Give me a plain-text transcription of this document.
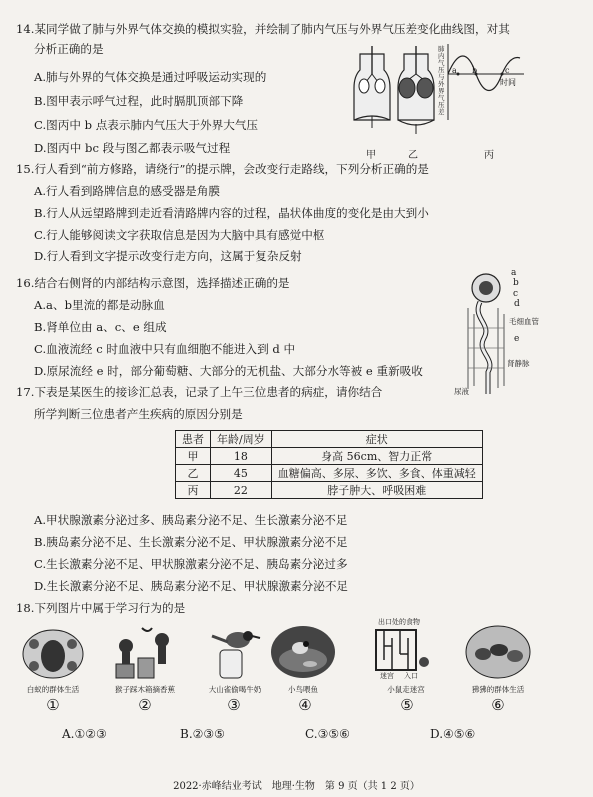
14.某同学做了肺与外界气体交换的模拟实验，并绘制了肺内气压与外界气压差变化曲线图，对其
分析正确的是
A.肺与外界的气体交换是通过呼吸运动实现的
B.图甲表示呼气过程，此时膈肌顶部下降
C.图丙中 b 点表示肺内气压大于外界大气压
D.图丙中 bc 段与图乙都表示吸气过程
甲	乙	丙
肺内气压与外界气压差
时间
a b	c
15.行人看到“前方修路，请绕行”的提示牌，会改变行走路线，下列分析正确的是
A.行人看到路牌信息的感受器是角膜
B.行人从远望路牌到走近看清路牌内容的过程，晶状体曲度的变化是由大到小
C.行人能够阅读文字获取信息是因为大脑中具有感觉中枢
D.行人看到文字提示改变行走方向，这属于复杂反射
16.结合右侧肾的内部结构示意图，选择描述正确的是
A.a、b里流的都是动脉血
B.肾单位由 a、c、e 组成
C.血液流经 c 时血液中只有血细胞不能进入到 d 中
D.原尿流经 e 时，部分葡萄糖、大部分的无机盐、大部分水等被 e 重新吸收
a
b
c
d
毛细血管
e
肾静脉
尿液
17.下表是某医生的接诊汇总表，记录了上午三位患者的病症，请你结合
所学判断三位患者产生疾病的原因分别是
患者	年龄/周岁	症状
甲	18	身高 56cm、智力正常
乙	45	血糖偏高、多尿、多饮、多食、体重减轻
丙	22	脖子肿大、呼吸困难
A.甲状腺激素分泌过多、胰岛素分泌不足、生长激素分泌不足
B.胰岛素分泌不足、生长激素分泌不足、甲状腺激素分泌不足
C.生长激素分泌不足、甲状腺激素分泌不足、胰岛素分泌过多
D.生长激素分泌不足、胰岛素分泌不足、甲状腺激素分泌不足
18.下列图片中属于学习行为的是
出口处的食物
入口
迷宫
白蚁的群体生活	猴子踩木箱摘香蕉	大山雀偷喝牛奶	小鸟喂鱼	小鼠走迷宫	狒狒的群体生活
①	②	③	④	⑤	⑥
A.①②③	B.②③⑤	C.③⑤⑥	D.④⑤⑥
2022·赤峰结业考试　地理·生物　第 9 页（共 1 2 页）
